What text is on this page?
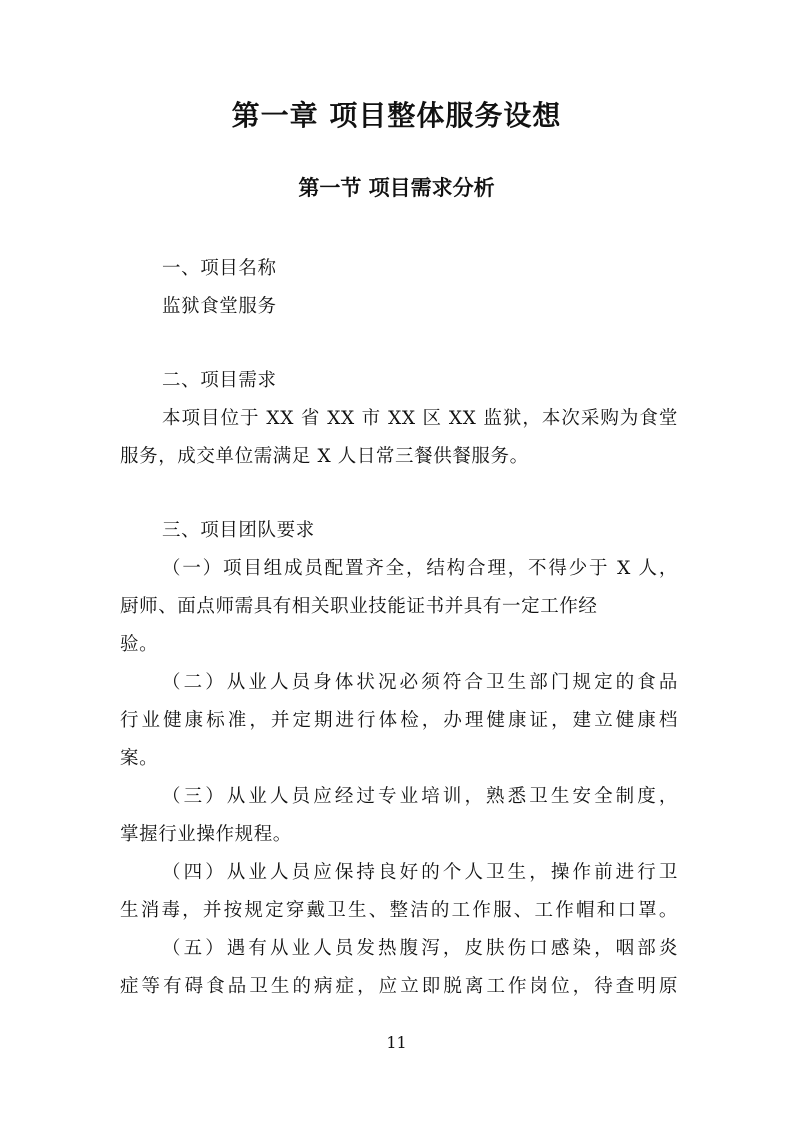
第一章 项目整体服务设想
第一节 项目需求分析
一、项目名称
监狱食堂服务
二、项目需求
本项目位于 XX 省 XX 市 XX 区 XX 监狱，本次采购为食堂
服务，成交单位需满足 X 人日常三餐供餐服务。
三、项目团队要求
（一）项目组成员配置齐全，结构合理，不得少于 X 人，
厨师、面点师需具有相关职业技能证书并具有一定工作经
验。
（二）从业人员身体状况必须符合卫生部门规定的食品
行业健康标准，并定期进行体检，办理健康证，建立健康档
案。
（三）从业人员应经过专业培训，熟悉卫生安全制度，
掌握行业操作规程。
（四）从业人员应保持良好的个人卫生，操作前进行卫
生消毒，并按规定穿戴卫生、整洁的工作服、工作帽和口罩。
（五）遇有从业人员发热腹泻，皮肤伤口感染，咽部炎
症等有碍食品卫生的病症，应立即脱离工作岗位，待查明原
11
